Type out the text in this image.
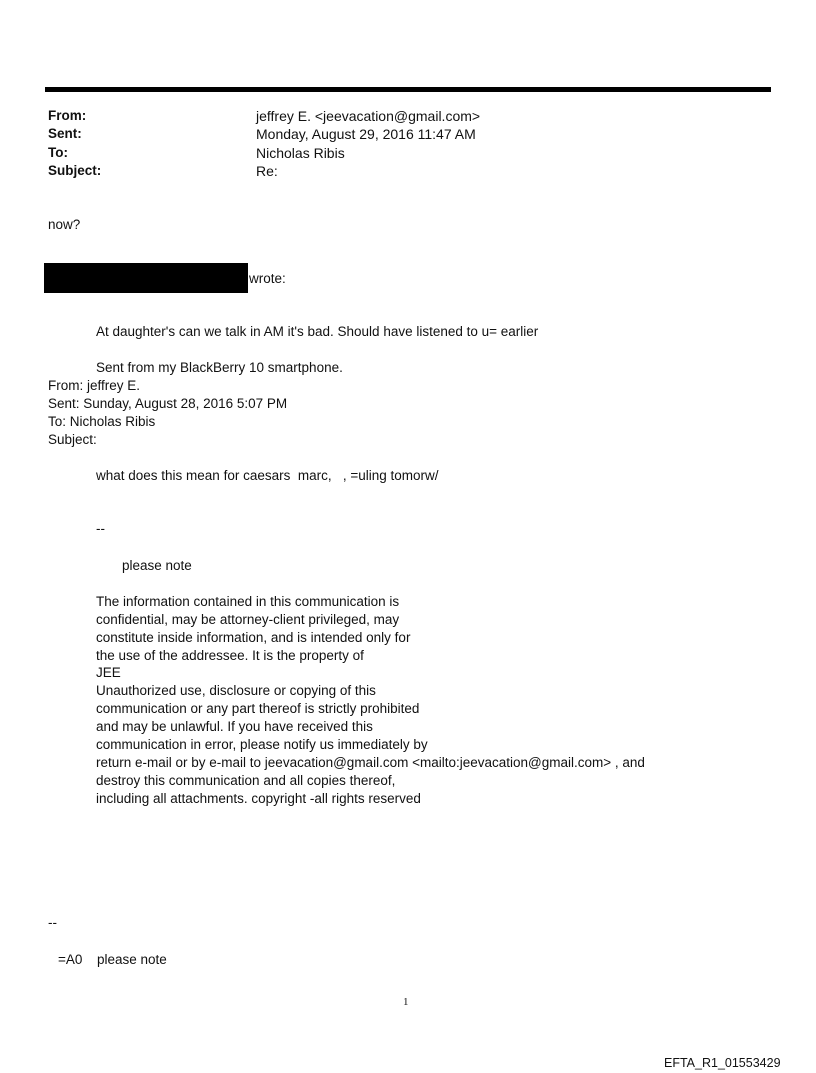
From:	jeffrey E. <jeevacation@gmail.com>
Sent:	Monday, August 29, 2016 11:47 AM
To:	Nicholas Ribis
Subject:	Re:
now?
wrote:
At daughter's can we talk in AM it's bad. Should have listened to u= earlier
Sent from my BlackBerry 10 smartphone.
From: jeffrey E.
Sent: Sunday, August 28, 2016 5:07 PM
To: Nicholas Ribis
Subject:
what does this mean for caesars  marc,   , =uling tomorw/
--
please note
The information contained in this communication is
confidential, may be attorney-client privileged, may
constitute inside information, and is intended only for
the use of the addressee. It is the property of
JEE
Unauthorized use, disclosure or copying of this
communication or any part thereof is strictly prohibited
and may be unlawful. If you have received this
communication in error, please notify us immediately by
return e-mail or by e-mail to jeevacation@gmail.com <mailto:jeevacation@gmail.com> , and
destroy this communication and all copies thereof,
including all attachments. copyright -all rights reserved
--
=A0 please note
1
EFTA_R1_01553429
